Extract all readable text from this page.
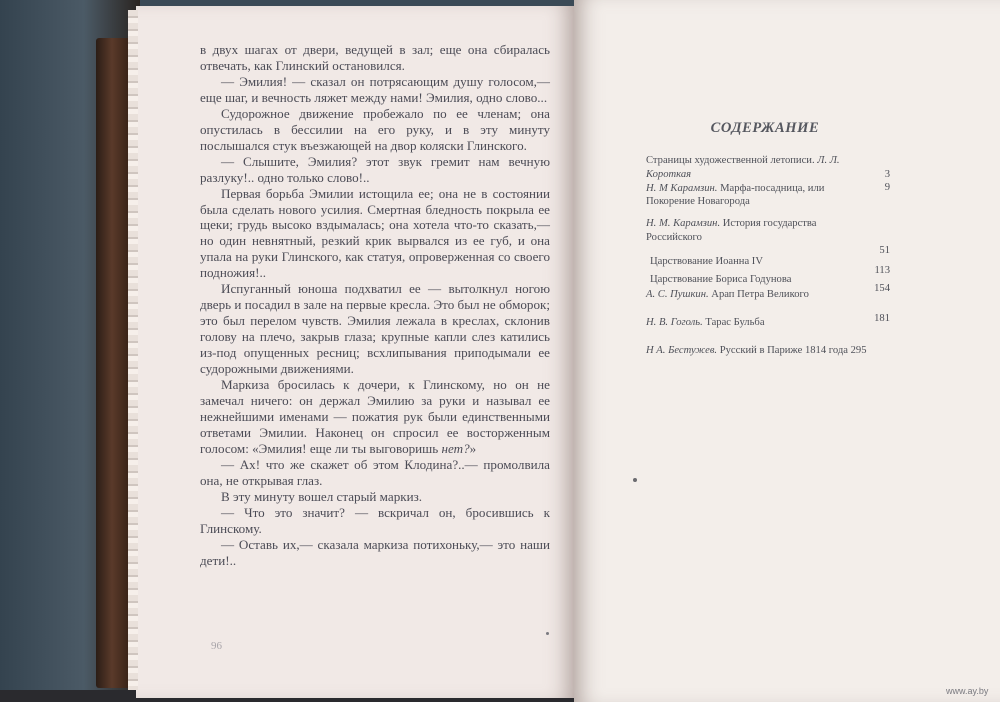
в двух шагах от двери, ведущей в зал; еще она сбиралась отвечать, как Глинский остановился.

— Эмилия! — сказал он потрясающим душу голосом,— еще шаг, и вечность ляжет между нами! Эмилия, одно слово...

Судорожное движение пробежало по ее членам; она опустилась в бессилии на его руку, и в эту минуту послышался стук въезжающей на двор коляски Глинского.

— Слышите, Эмилия? этот звук гремит нам вечную разлуку!.. одно только слово!..

Первая борьба Эмилии истощила ее; она не в состоянии была сделать нового усилия. Смертная бледность покрыла ее щеки; грудь высоко вздымалась; она хотела что-то сказать,— но один невнятный, резкий крик вырвался из ее губ, и она упала на руки Глинского, как статуя, опроверженная со своего подножия!..

Испуганный юноша подхватил ее — вытолкнул ногою дверь и посадил в зале на первые кресла. Это был не обморок; это был перелом чувств. Эмилия лежала в креслах, склонив голову на плечо, закрыв глаза; крупные капли слез катились из-под опущенных ресниц; всхлипывания приподымали ее судорожными движениями.

Маркиза бросилась к дочери, к Глинскому, но он не замечал ничего: он держал Эмилию за руки и называл ее нежнейшими именами — пожатия рук были единственными ответами Эмилии. Наконец он спросил ее восторженным голосом: «Эмилия! еще ли ты выговоришь нет?»

— Ах! что же скажет об этом Клодина?..— промолвила она, не открывая глаз.

В эту минуту вошел старый маркиз.

— Что это значит? — вскричал он, бросившись к Глинскому.

— Оставь их,— сказала маркиза потихоньку,— это наши дети!..

96
СОДЕРЖАНИЕ
Страницы художественной летописи. Л. Л. Короткая	3
Н. М Карамзин. Марфа-посадница, или Покорение Новагорода
9
Н. М. Карамзин. История государства Российского
Царствование Иоанна IV
51
Царствование Бориса Годунова
113
А. С. Пушкин. Арап Петра Великого
154
Н. В. Гоголь. Тарас Бульба	181
Н А. Бестужев. Русский в Париже 1814 года 295
www.ay.by
